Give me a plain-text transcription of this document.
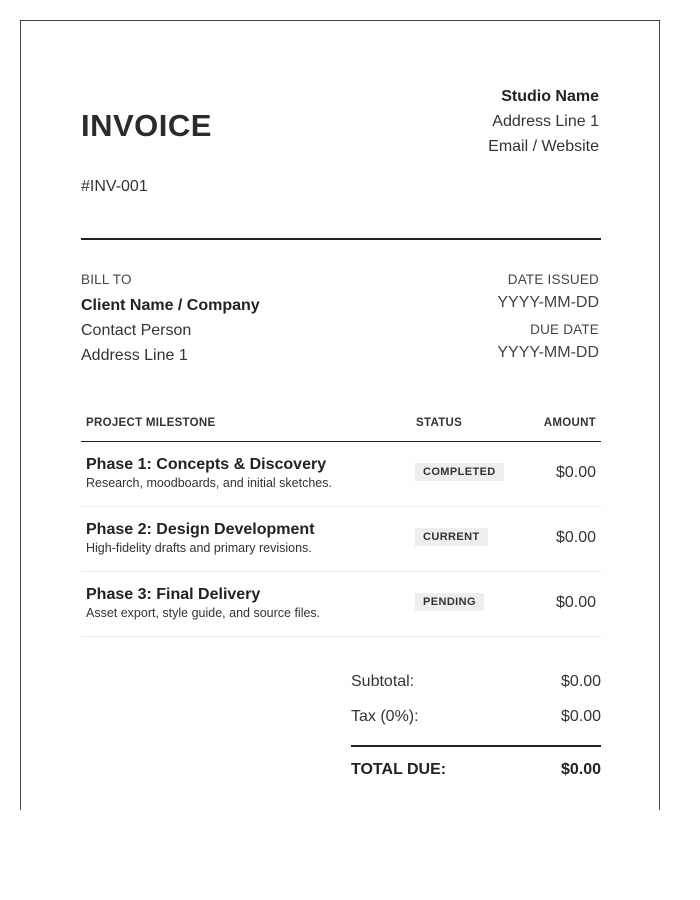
Studio Name
Address Line 1
Email / Website
INVOICE
#INV-001
BILL TO
Client Name / Company
Contact Person
Address Line 1
DATE ISSUED
YYYY-MM-DD
DUE DATE
YYYY-MM-DD
PROJECT MILESTONE	STATUS	AMOUNT
Phase 1: Concepts & Discovery
Research, moodboards, and initial sketches.
COMPLETED	$0.00
Phase 2: Design Development
High-fidelity drafts and primary revisions.
CURRENT	$0.00
Phase 3: Final Delivery
Asset export, style guide, and source files.
PENDING	$0.00
Subtotal:	$0.00
Tax (0%):	$0.00
TOTAL DUE:	$0.00
